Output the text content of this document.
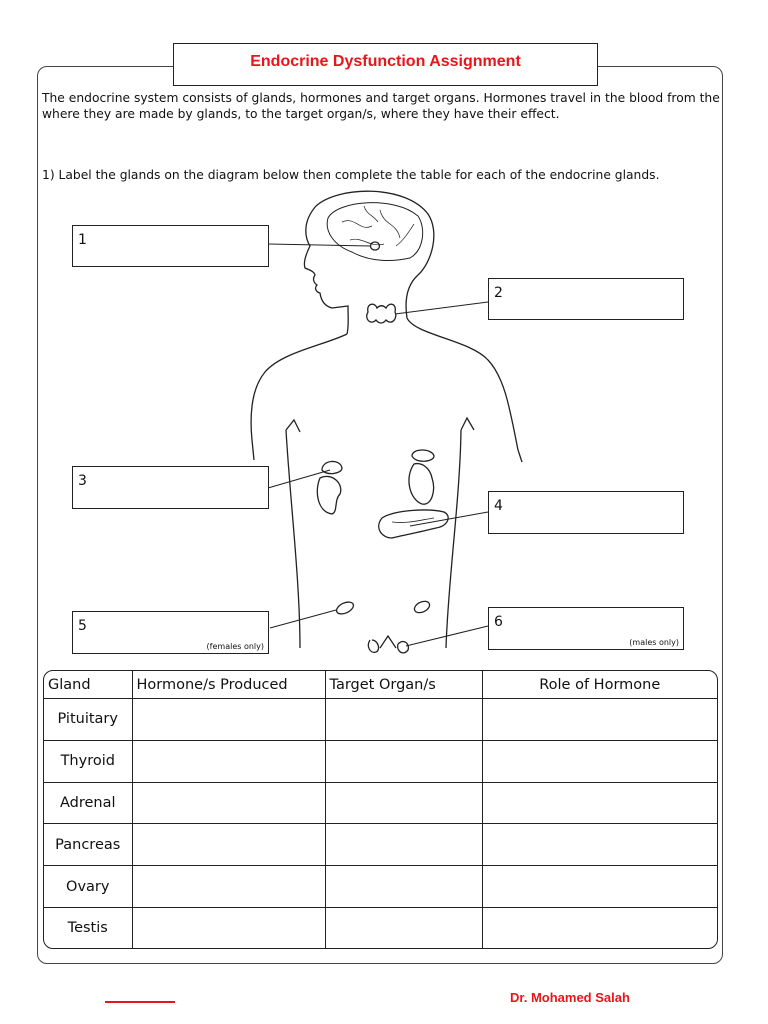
Endocrine Dysfunction Assignment

The endocrine system consists of glands, hormones and target organs. Hormones travel in the blood from the where they are made by glands, to the target organ/s, where they have their effect.

1) Label the glands on the diagram below then complete the table for each of the endocrine glands.

1
2
3
4
5
(females only)
6
(males only)
Gland	Hormone/s Produced	Target Organ/s	Role of Hormone
Pituitary			
Thyroid			
Adrenal			
Pancreas			
Ovary			
Testis			
Dr. Mohamed Salah
